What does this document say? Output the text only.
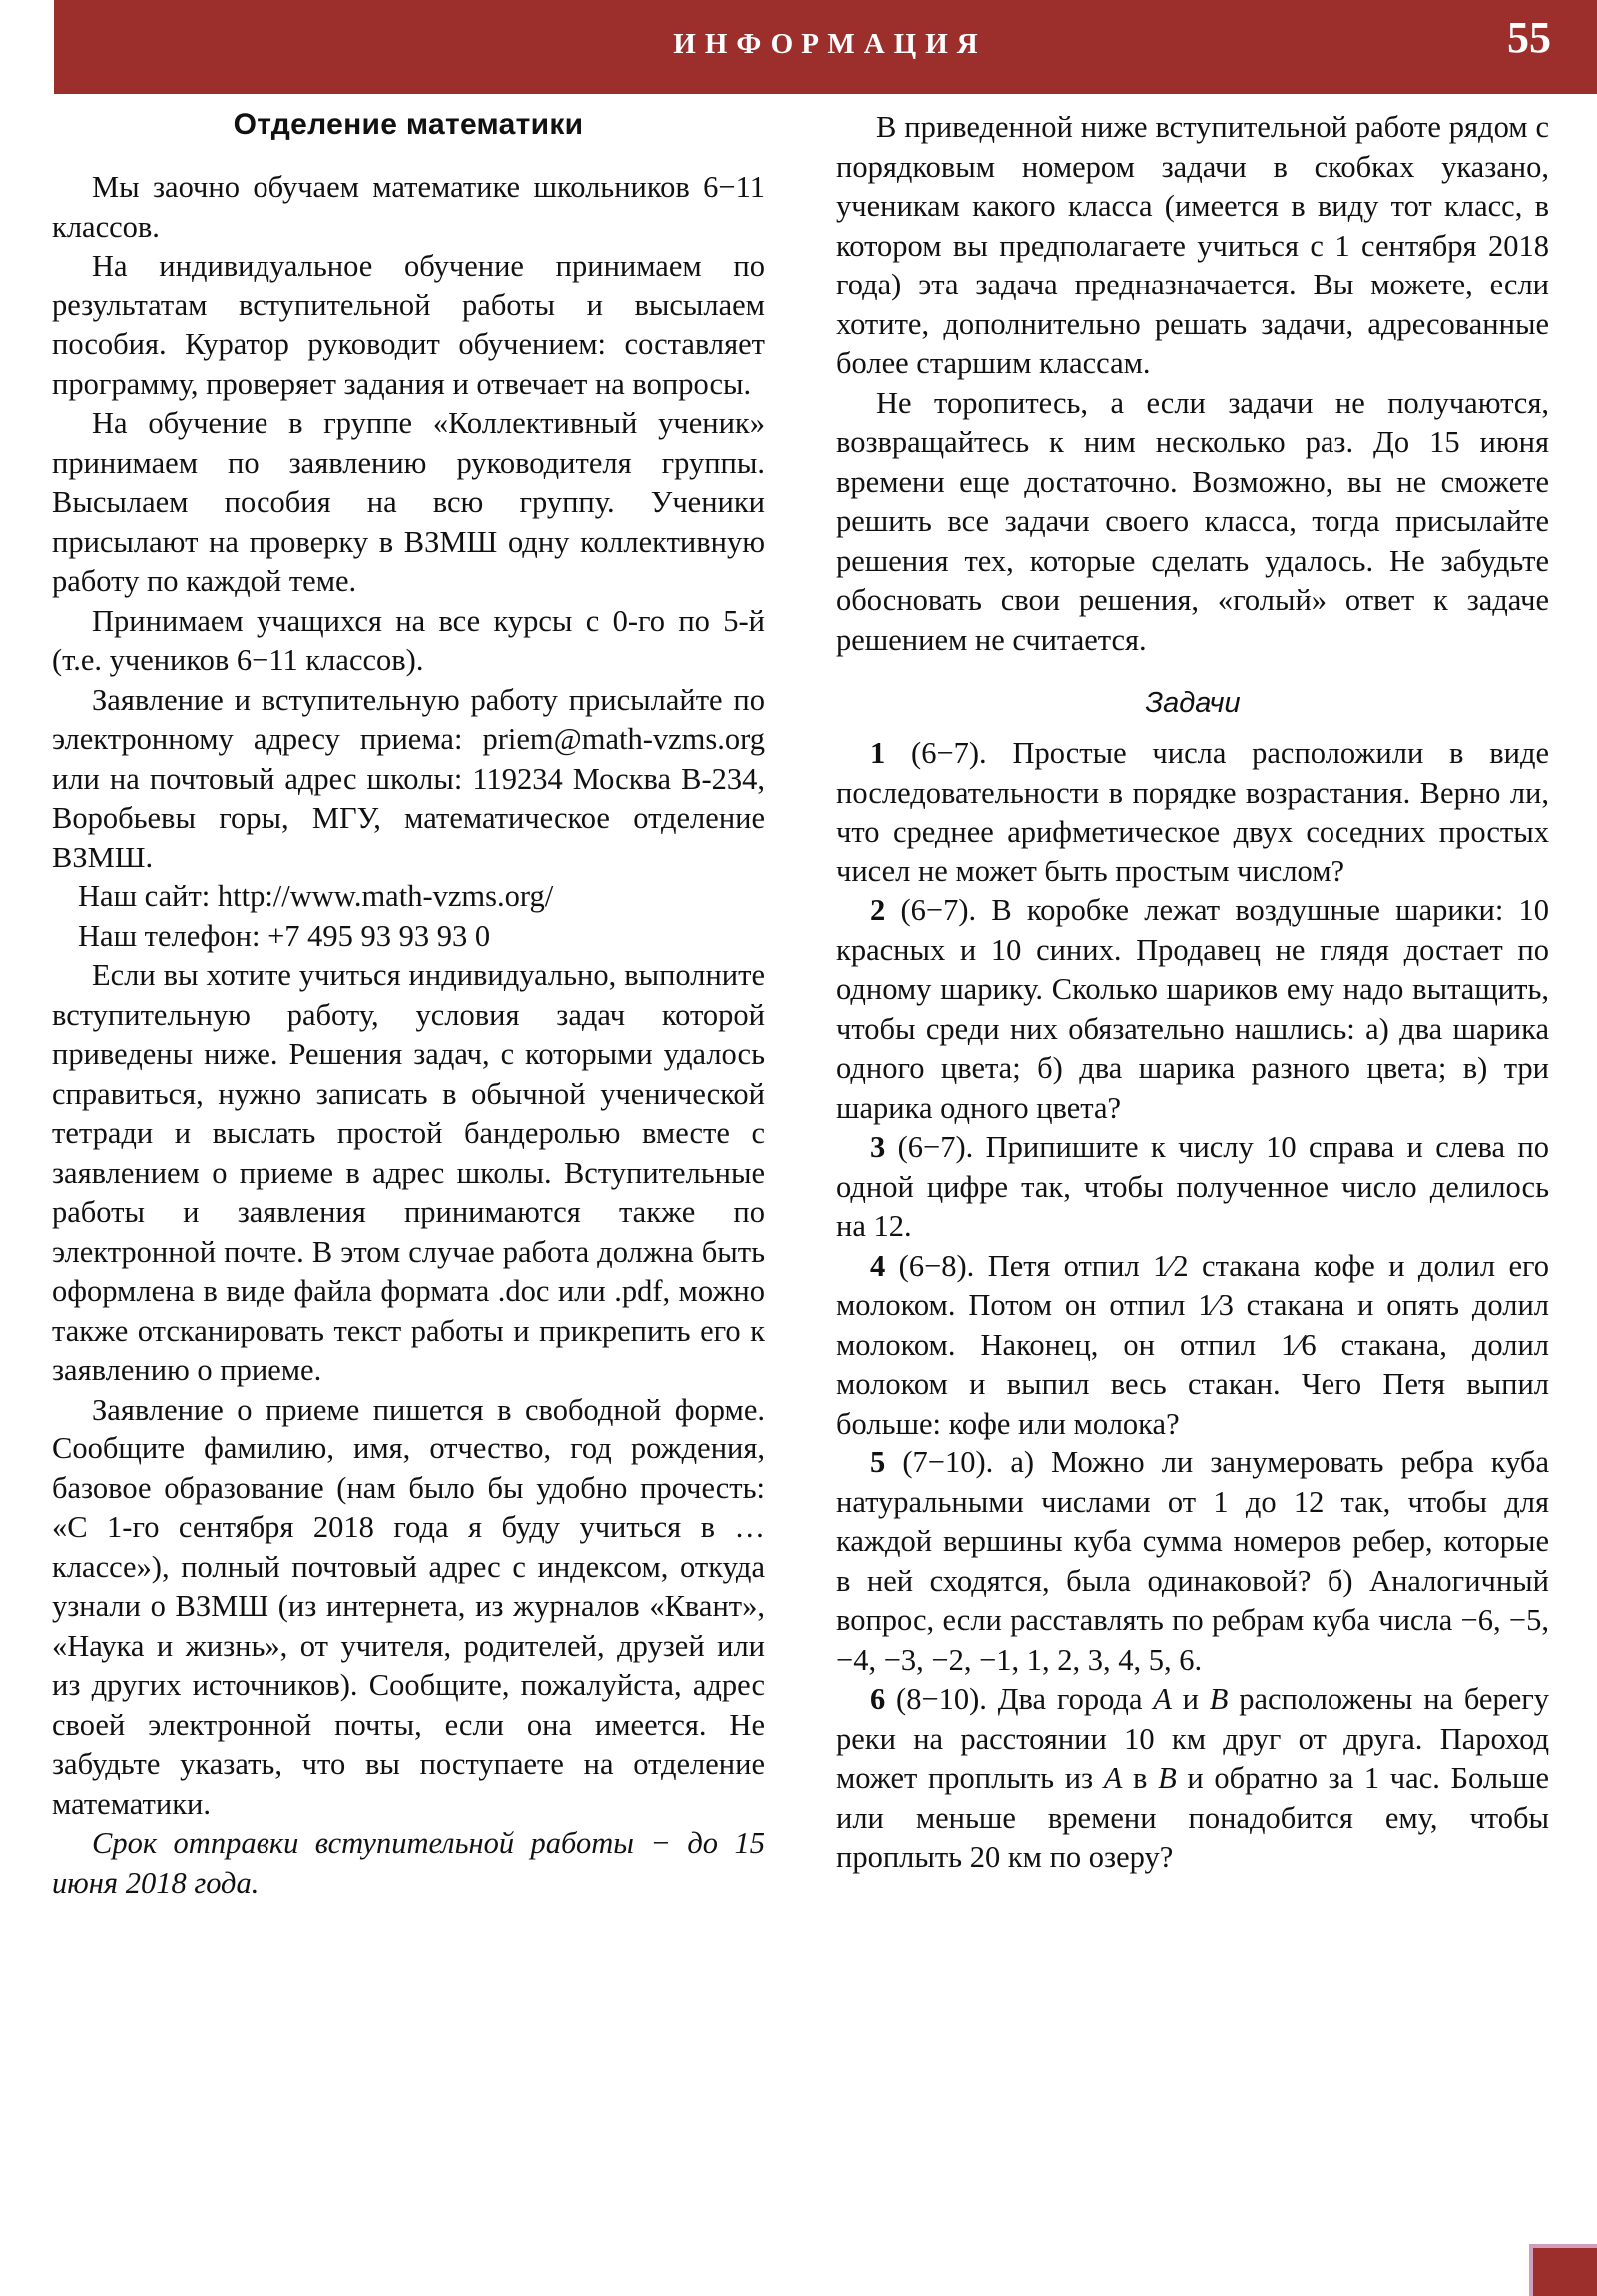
ИНФОРМАЦИЯ	55
Отделение математики

Мы заочно обучаем математике школьников 6−11 классов.

На индивидуальное обучение принимаем по результатам вступительной работы и высылаем пособия. Куратор руководит обучением: составляет программу, проверяет задания и отвечает на вопросы.

На обучение в группе «Коллективный ученик» принимаем по заявлению руководителя группы. Высылаем пособия на всю группу. Ученики присылают на проверку в ВЗМШ одну коллективную работу по каждой теме.

Принимаем учащихся на все курсы с 0-го по 5-й (т.е. учеников 6−11 классов).

Заявление и вступительную работу присылайте по электронному адресу приема: priem@math-vzms.org или на почтовый адрес школы: 119234 Москва В-234, Воробьевы горы, МГУ, математическое отделение ВЗМШ.

Наш сайт: http://www.math-vzms.org/

Наш телефон: +7 495 93 93 93 0

Если вы хотите учиться индивидуально, выполните вступительную работу, условия задач которой приведены ниже. Решения задач, с которыми удалось справиться, нужно записать в обычной ученической тетради и выслать простой бандеролью вместе с заявлением о приеме в адрес школы. Вступительные работы и заявления принимаются также по электронной почте. В этом случае работа должна быть оформлена в виде файла формата .doc или .pdf, можно также отсканировать текст работы и прикрепить его к заявлению о приеме.

Заявление о приеме пишется в свободной форме. Сообщите фамилию, имя, отчество, год рождения, базовое образование (нам было бы удобно прочесть: «С 1-го сентября 2018 года я буду учиться в … классе»), полный почтовый адрес с индексом, откуда узнали о ВЗМШ (из интернета, из журналов «Квант», «Наука и жизнь», от учителя, родителей, друзей или из других источников). Сообщите, пожалуйста, адрес своей электронной почты, если она имеется. Не забудьте указать, что вы поступаете на отделение математики.

Срок отправки вступительной работы − до 15 июня 2018 года.

В приведенной ниже вступительной работе рядом с порядковым номером задачи в скобках указано, ученикам какого класса (имеется в виду тот класс, в котором вы предполагаете учиться с 1 сентября 2018 года) эта задача предназначается. Вы можете, если хотите, дополнительно решать задачи, адресованные более старшим классам.

Не торопитесь, а если задачи не получаются, возвращайтесь к ним несколько раз. До 15 июня времени еще достаточно. Возможно, вы не сможете решить все задачи своего класса, тогда присылайте решения тех, которые сделать удалось. Не забудьте обосновать свои решения, «голый» ответ к задаче решением не считается.

Задачи

1 (6−7). Простые числа расположили в виде последовательности в порядке возрастания. Верно ли, что среднее арифметическое двух соседних простых чисел не может быть простым числом?

2 (6−7). В коробке лежат воздушные шарики: 10 красных и 10 синих. Продавец не глядя достает по одному шарику. Сколько шариков ему надо вытащить, чтобы среди них обязательно нашлись: а) два шарика одного цвета; б) два шарика разного цвета; в) три шарика одного цвета?

3 (6−7). Припишите к числу 10 справа и слева по одной цифре так, чтобы полученное число делилось на 12.

4 (6−8). Петя отпил 1⁄2 стакана кофе и долил его молоком. Потом он отпил 1⁄3 стакана и опять долил молоком. Наконец, он отпил 1⁄6 стакана, долил молоком и выпил весь стакан. Чего Петя выпил больше: кофе или молока?

5 (7−10). а) Можно ли занумеровать ребра куба натуральными числами от 1 до 12 так, чтобы для каждой вершины куба сумма номеров ребер, которые в ней сходятся, была одинаковой? б) Аналогичный вопрос, если расставлять по ребрам куба числа −6, −5, −4, −3, −2, −1, 1, 2, 3, 4, 5, 6.

6 (8−10). Два города A и B расположены на берегу реки на расстоянии 10 км друг от друга. Пароход может проплыть из A в B и обратно за 1 час. Больше или меньше времени понадобится ему, чтобы проплыть 20 км по озеру?
